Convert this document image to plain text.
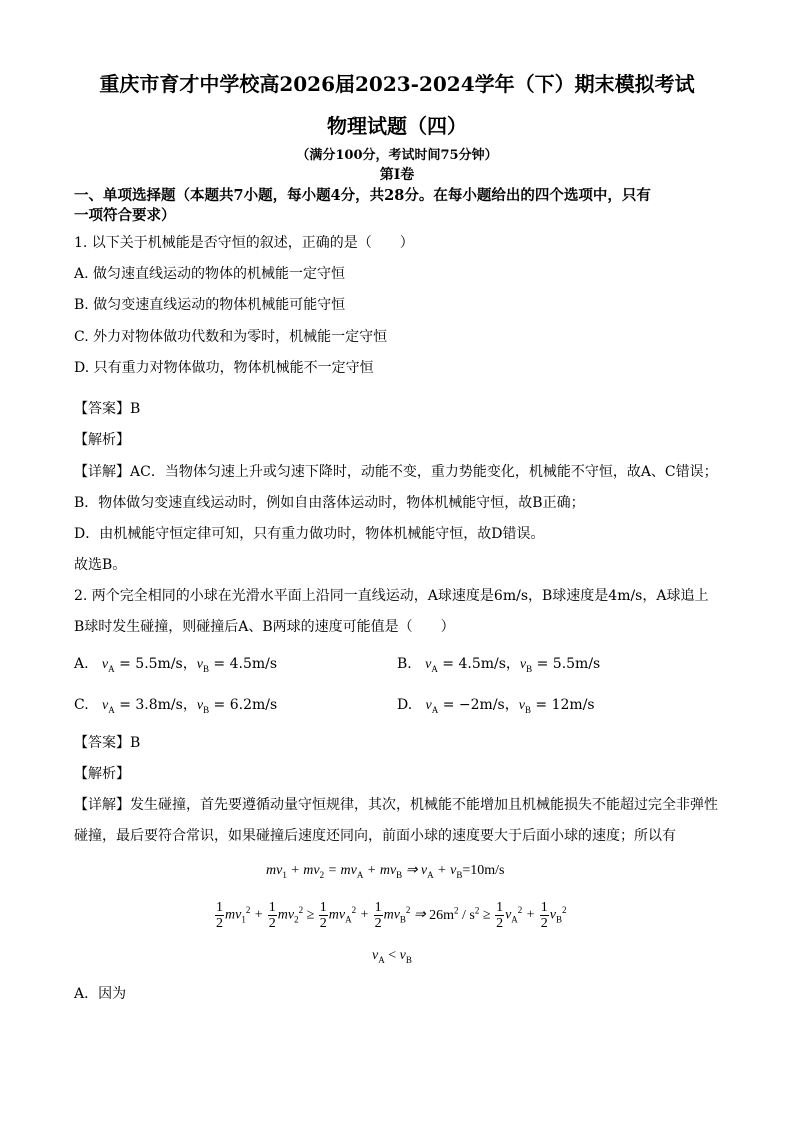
重庆市育才中学校高2026届2023-2024学年（下）期末模拟考试
物理试题（四）
（满分100分，考试时间75分钟）
第Ⅰ卷
一、单项选择题（本题共7小题，每小题4分，共28分。在每小题给出的四个选项中，只有
一项符合要求）
1. 以下关于机械能是否守恒的叙述，正确的是（　　）
A. 做匀速直线运动的物体的机械能一定守恒
B. 做匀变速直线运动的物体机械能可能守恒
C. 外力对物体做功代数和为零时，机械能一定守恒
D. 只有重力对物体做功，物体机械能不一定守恒
【答案】B
【解析】
【详解】AC．当物体匀速上升或匀速下降时，动能不变，重力势能变化，机械能不守恒，故A、C错误；
B．物体做匀变速直线运动时，例如自由落体运动时，物体机械能守恒，故B正确；
D．由机械能守恒定律可知，只有重力做功时，物体机械能守恒，故D错误。
故选B。
2. 两个完全相同的小球在光滑水平面上沿同一直线运动，A球速度是6m/s，B球速度是4m/s，A球追上
B球时发生碰撞，则碰撞后A、B两球的速度可能值是（　　）
A. $v_A = 5.5m/s$，$v_B = 4.5m/s$	B. $v_A = 4.5m/s$，$v_B = 5.5m/s$
C. $v_A = 3.8m/s$，$v_B = 6.2m/s$	D. $v_A = -2m/s$，$v_B = 12m/s$
【答案】B
【解析】
【详解】发生碰撞，首先要遵循动量守恒规律，其次，机械能不能增加且机械能损失不能超过完全非弹性
碰撞，最后要符合常识，如果碰撞后速度还同向，前面小球的速度要大于后面小球的速度；所以有
$mv_1 + mv_2 = mv_A + mv_B$ ⇒ $v_A + v_B=10m/s$
$\frac{1}{2} mv_1^2 + \frac{1}{2} mv_2^2 \ge \frac{1}{2} mv_A^2 + \frac{1}{2} mv_B^2$ ⇒ $26m^2 / s^2 \ge \frac{1}{2} v_A^2 + \frac{1}{2} v_B^2$
$v_A < v_B$
A．因为
